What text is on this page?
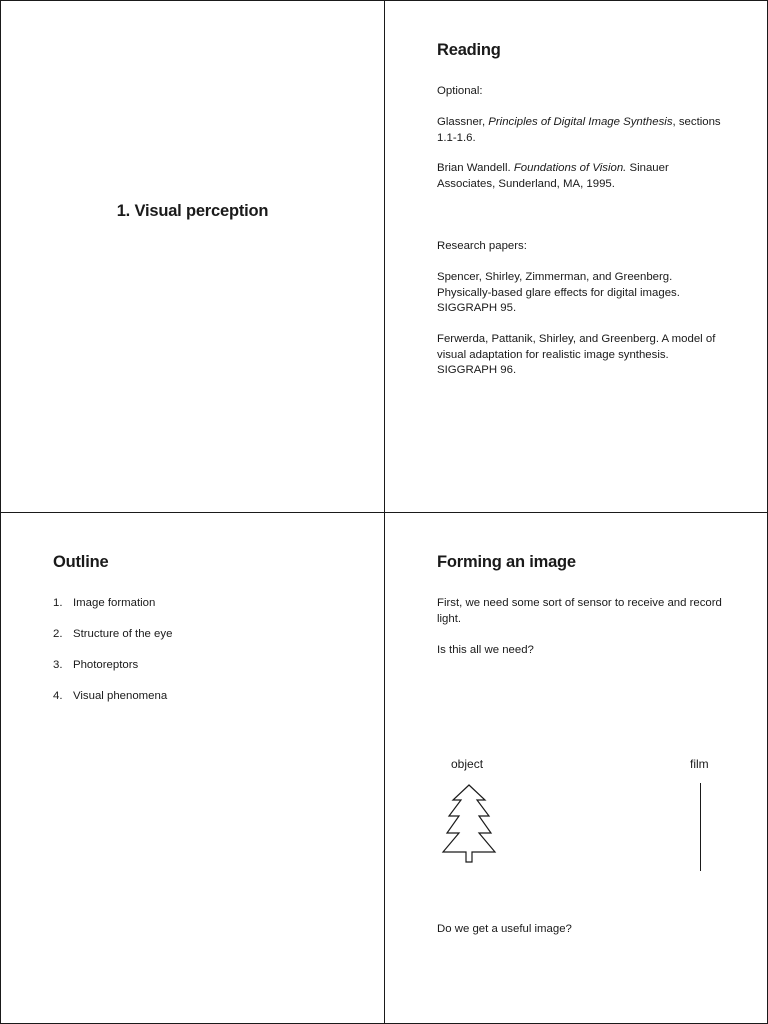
1. Visual perception
Reading

Optional:

Glassner, Principles of Digital Image Synthesis, sections 1.1-1.6.

Brian Wandell. Foundations of Vision. Sinauer Associates, Sunderland, MA, 1995.

Research papers:

Spencer, Shirley, Zimmerman, and Greenberg. Physically-based glare effects for digital images. SIGGRAPH 95.

Ferwerda, Pattanik, Shirley, and Greenberg. A model of visual adaptation for realistic image synthesis. SIGGRAPH 96.

Outline
1. Image formation
2. Structure of the eye
3. Photoreptors
4. Visual phenomena
Forming an image

First, we need some sort of sensor to receive and record light.

Is this all we need?

object	film

Do we get a useful image?
